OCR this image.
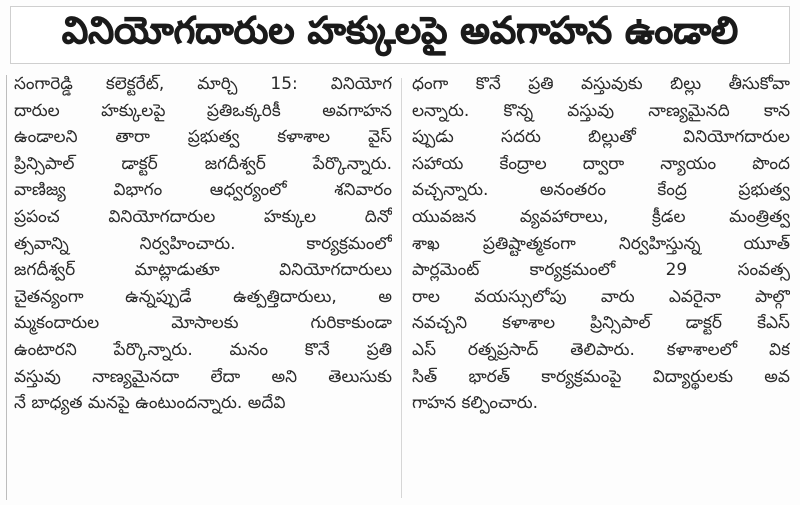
వినియోగదారుల హక్కులపై అవగాహన ఉండాలి
సంగారెడ్డి కలెక్టరేట్, మార్చి 15: వినియోగ
దారుల హక్కులపై ప్రతిఒక్కరికీ అవగాహన
ఉండాలని తారా ప్రభుత్వ కళాశాల వైస్
ప్రిన్సిపాల్ డాక్టర్ జగదీశ్వర్ పేర్కొన్నారు.
వాణిజ్య విభాగం ఆధ్వర్యంలో శనివారం
ప్రపంచ వినియోగదారుల హక్కుల దినో
త్సవాన్ని నిర్వహించారు. కార్యక్రమంలో
జగదీశ్వర్ మాట్లాడుతూ వినియోగదారులు
చైతన్యంగా ఉన్నప్పుడే ఉత్పత్తిదారులు, అ
మ్మకందారుల మోసాలకు గురికాకుండా
ఉంటారని పేర్కొన్నారు. మనం కొనే ప్రతి
వస్తువు నాణ్యమైనదా లేదా అని తెలుసుకు
నే బాధ్యత మనపై ఉంటుందన్నారు. అదేవి
ధంగా కొనే ప్రతి వస్తువుకు బిల్లు తీసుకోవా
లన్నారు. కొన్న వస్తువు నాణ్యమైనది కాన
ప్పుడు సదరు బిల్లుతో వినియోగదారుల
సహాయ కేంద్రాల ద్వారా న్యాయం పొంద
వచ్చన్నారు. అనంతరం కేంద్ర ప్రభుత్వ
యువజన వ్యవహారాలు, క్రీడల మంత్రిత్వ
శాఖ ప్రతిష్టాత్మకంగా నిర్వహిస్తున్న యూత్
పార్లమెంట్ కార్యక్రమంలో 29 సంవత్స
రాల వయస్సులోపు వారు ఎవరైనా పాల్గొ
నవచ్చని కళాశాల ప్రిన్సిపాల్ డాక్టర్ కేఎస్
ఎస్ రత్నప్రసాద్ తెలిపారు. కళాశాలలో విక
సిత్ భారత్ కార్యక్రమంపై విద్యార్థులకు అవ
గాహన కల్పించారు.
